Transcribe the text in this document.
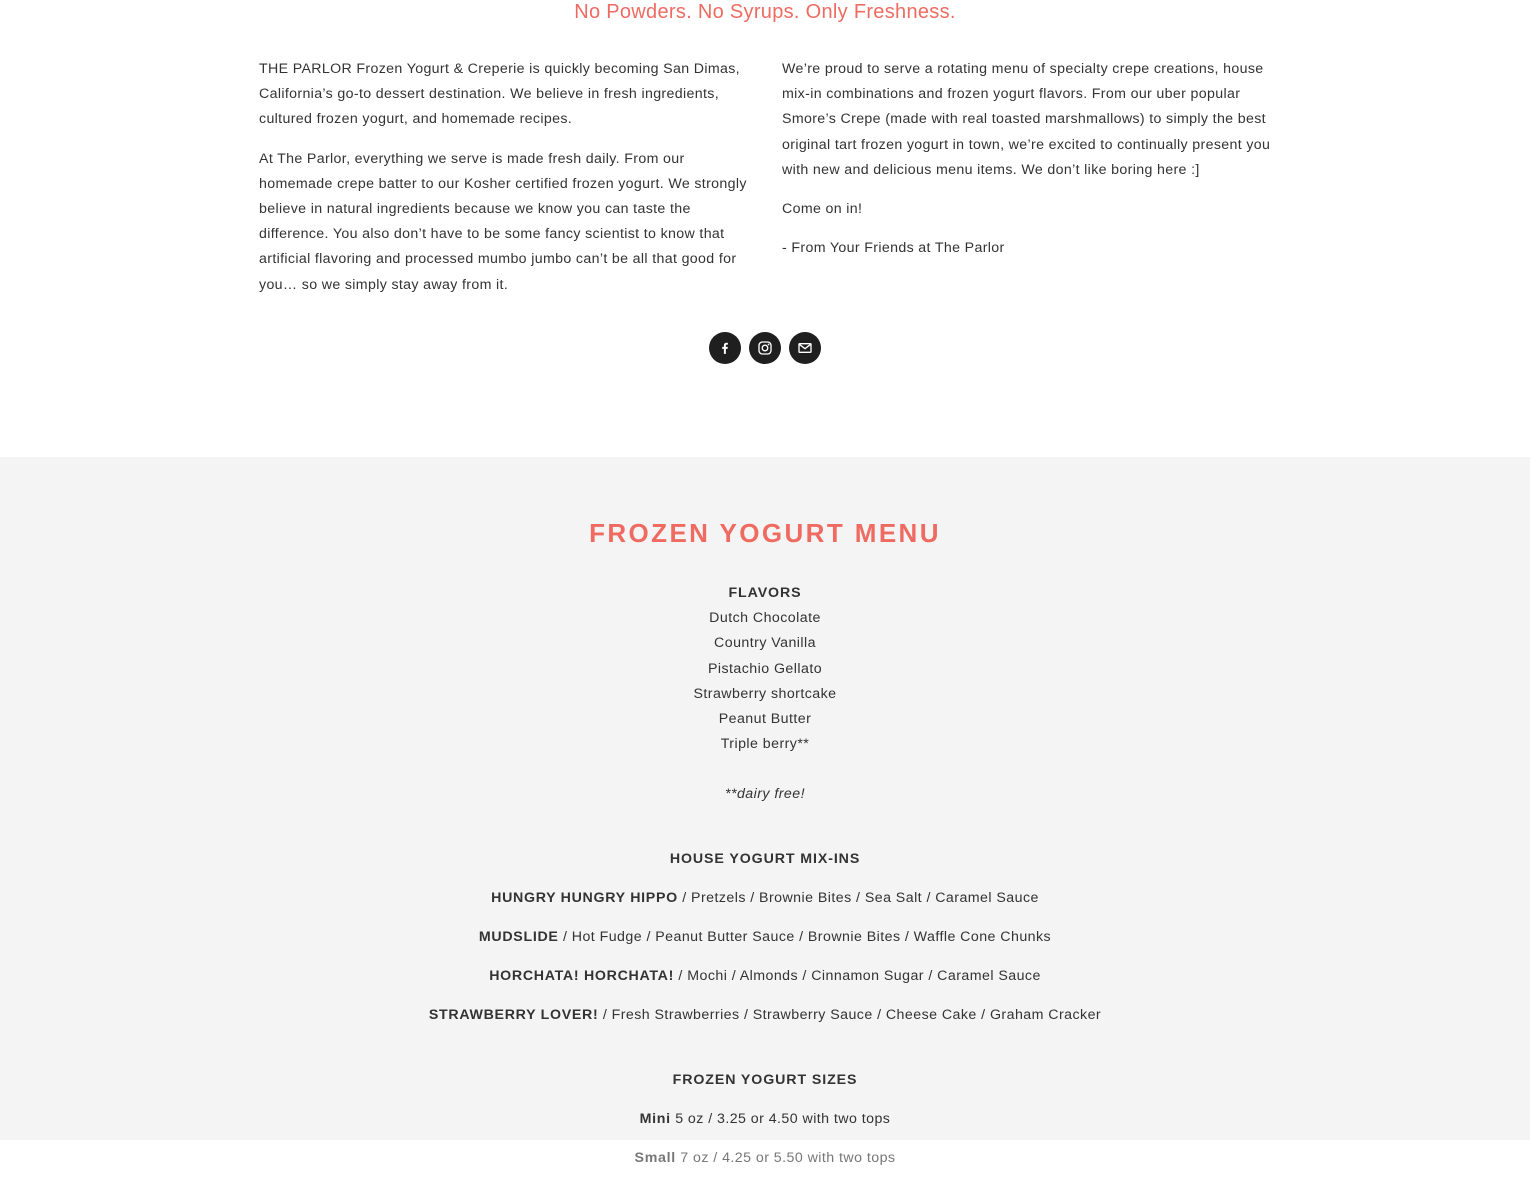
No Powders. No Syrups. Only Freshness.

THE PARLOR Frozen Yogurt & Creperie is quickly becoming San Dimas, California’s go-to dessert destination. We believe in fresh ingredients, cultured frozen yogurt, and homemade recipes.

At The Parlor, everything we serve is made fresh daily. From our homemade crepe batter to our Kosher certified frozen yogurt. We strongly believe in natural ingredients because we know you can taste the difference. You also don’t have to be some fancy scientist to know that artificial flavoring and processed mumbo jumbo can’t be all that good for you… so we simply stay away from it.

We’re proud to serve a rotating menu of specialty crepe creations, house mix-in combinations and frozen yogurt flavors. From our uber popular Smore’s Crepe (made with real toasted marshmallows) to simply the best original tart frozen yogurt in town, we’re excited to continually present you with new and delicious menu items. We don’t like boring here :]

Come on in!

- From Your Friends at The Parlor

FROZEN YOGURT MENU
FLAVORS
Dutch Chocolate
Country Vanilla
Pistachio Gellato
Strawberry shortcake
Peanut Butter
Triple berry**
**dairy free!
HOUSE YOGURT MIX-INS
HUNGRY HUNGRY HIPPO / Pretzels / Brownie Bites / Sea Salt / Caramel Sauce
MUDSLIDE / Hot Fudge / Peanut Butter Sauce / Brownie Bites / Waffle Cone Chunks
HORCHATA! HORCHATA! / Mochi / Almonds / Cinnamon Sugar / Caramel Sauce
STRAWBERRY LOVER! / Fresh Strawberries / Strawberry Sauce / Cheese Cake / Graham Cracker
FROZEN YOGURT SIZES
Mini 5 oz / 3.25 or 4.50 with two tops
Small 7 oz / 4.25 or 5.50 with two tops
